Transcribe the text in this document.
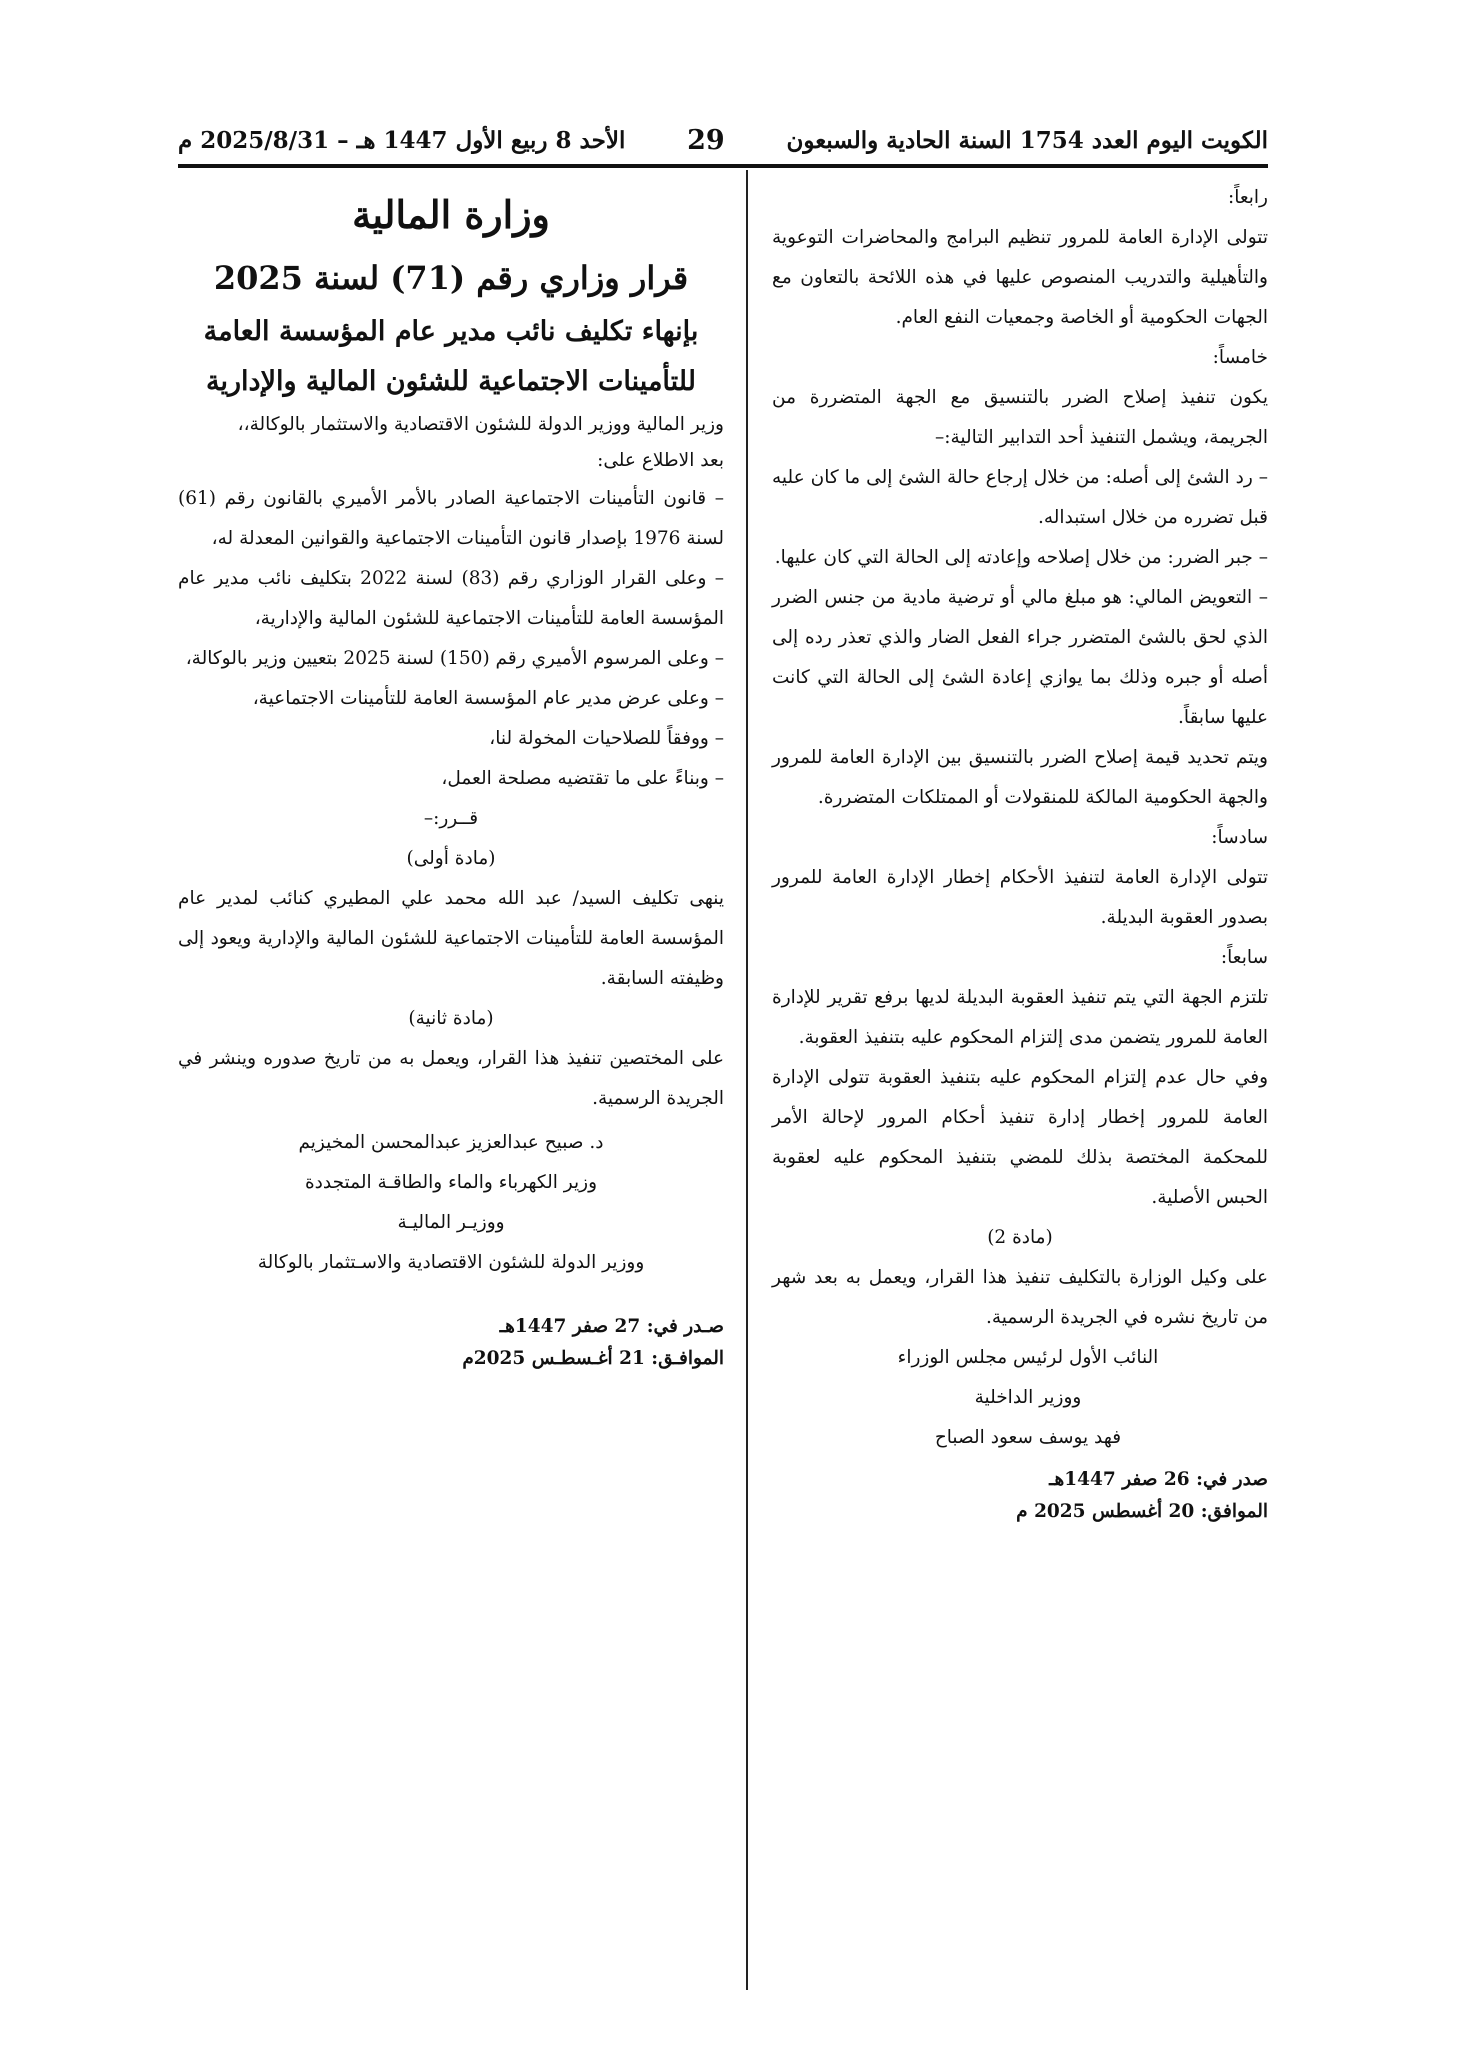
الكويت اليوم العدد 1754 السنة الحادية والسبعون
29
الأحد 8 ربيع الأول 1447 هـ – 2025/8/31 م

رابعاً:

تتولى الإدارة العامة للمرور تنظيم البرامج والمحاضرات التوعوية والتأهيلية والتدريب المنصوص عليها في هذه اللائحة بالتعاون مع الجهات الحكومية أو الخاصة وجمعيات النفع العام.

خامساً:

يكون تنفيذ إصلاح الضرر بالتنسيق مع الجهة المتضررة من الجريمة، ويشمل التنفيذ أحد التدابير التالية:–

– رد الشئ إلى أصله: من خلال إرجاع حالة الشئ إلى ما كان عليه قبل تضرره من خلال استبداله.

– جبر الضرر: من خلال إصلاحه وإعادته إلى الحالة التي كان عليها.

– التعويض المالي: هو مبلغ مالي أو ترضية مادية من جنس الضرر الذي لحق بالشئ المتضرر جراء الفعل الضار والذي تعذر رده إلى أصله أو جبره وذلك بما يوازي إعادة الشئ إلى الحالة التي كانت عليها سابقاً.

ويتم تحديد قيمة إصلاح الضرر بالتنسيق بين الإدارة العامة للمرور والجهة الحكومية المالكة للمنقولات أو الممتلكات المتضررة.

سادساً:

تتولى الإدارة العامة لتنفيذ الأحكام إخطار الإدارة العامة للمرور بصدور العقوبة البديلة.

سابعاً:

تلتزم الجهة التي يتم تنفيذ العقوبة البديلة لديها برفع تقرير للإدارة العامة للمرور يتضمن مدى إلتزام المحكوم عليه بتنفيذ العقوبة.

وفي حال عدم إلتزام المحكوم عليه بتنفيذ العقوبة تتولى الإدارة العامة للمرور إخطار إدارة تنفيذ أحكام المرور لإحالة الأمر للمحكمة المختصة بذلك للمضي بتنفيذ المحكوم عليه لعقوبة الحبس الأصلية.

(مادة 2)

على وكيل الوزارة بالتكليف تنفيذ هذا القرار، ويعمل به بعد شهر من تاريخ نشره في الجريدة الرسمية.

النائب الأول لرئيس مجلس الوزراء
ووزير الداخلية
فهد يوسف سعود الصباح
صدر في: 26 صفر 1447هـ
الموافق: 20 أغسطس 2025 م

وزارة المالية

قرار وزاري رقم (71) لسنة 2025

بإنهاء تكليف نائب مدير عام المؤسسة العامة

للتأمينات الاجتماعية للشئون المالية والإدارية

وزير المالية ووزير الدولة للشئون الاقتصادية والاستثمار بالوكالة،،

بعد الاطلاع على:

– قانون التأمينات الاجتماعية الصادر بالأمر الأميري بالقانون رقم (61) لسنة 1976 بإصدار قانون التأمينات الاجتماعية والقوانين المعدلة له،

– وعلى القرار الوزاري رقم (83) لسنة 2022 بتكليف نائب مدير عام المؤسسة العامة للتأمينات الاجتماعية للشئون المالية والإدارية،

– وعلى المرسوم الأميري رقم (150) لسنة 2025 بتعيين وزير بالوكالة،

– وعلى عرض مدير عام المؤسسة العامة للتأمينات الاجتماعية،

– ووفقاً للصلاحيات المخولة لنا،

– وبناءً على ما تقتضيه مصلحة العمل،

قــرر:–

(مادة أولى)

ينهى تكليف السيد/ عبد الله محمد علي المطيري كنائب لمدير عام المؤسسة العامة للتأمينات الاجتماعية للشئون المالية والإدارية ويعود إلى وظيفته السابقة.

(مادة ثانية)

على المختصين تنفيذ هذا القرار، ويعمل به من تاريخ صدوره وينشر في الجريدة الرسمية.

د. صبيح عبدالعزيز عبدالمحسن المخيزيم
وزير الكهرباء والماء والطاقـة المتجددة
ووزيـر الماليـة
ووزير الدولة للشئون الاقتصادية والاسـتثمار بالوكالة
صـدر في: 27 صفر 1447هـ
الموافـق: 21 أغـسطـس 2025م
